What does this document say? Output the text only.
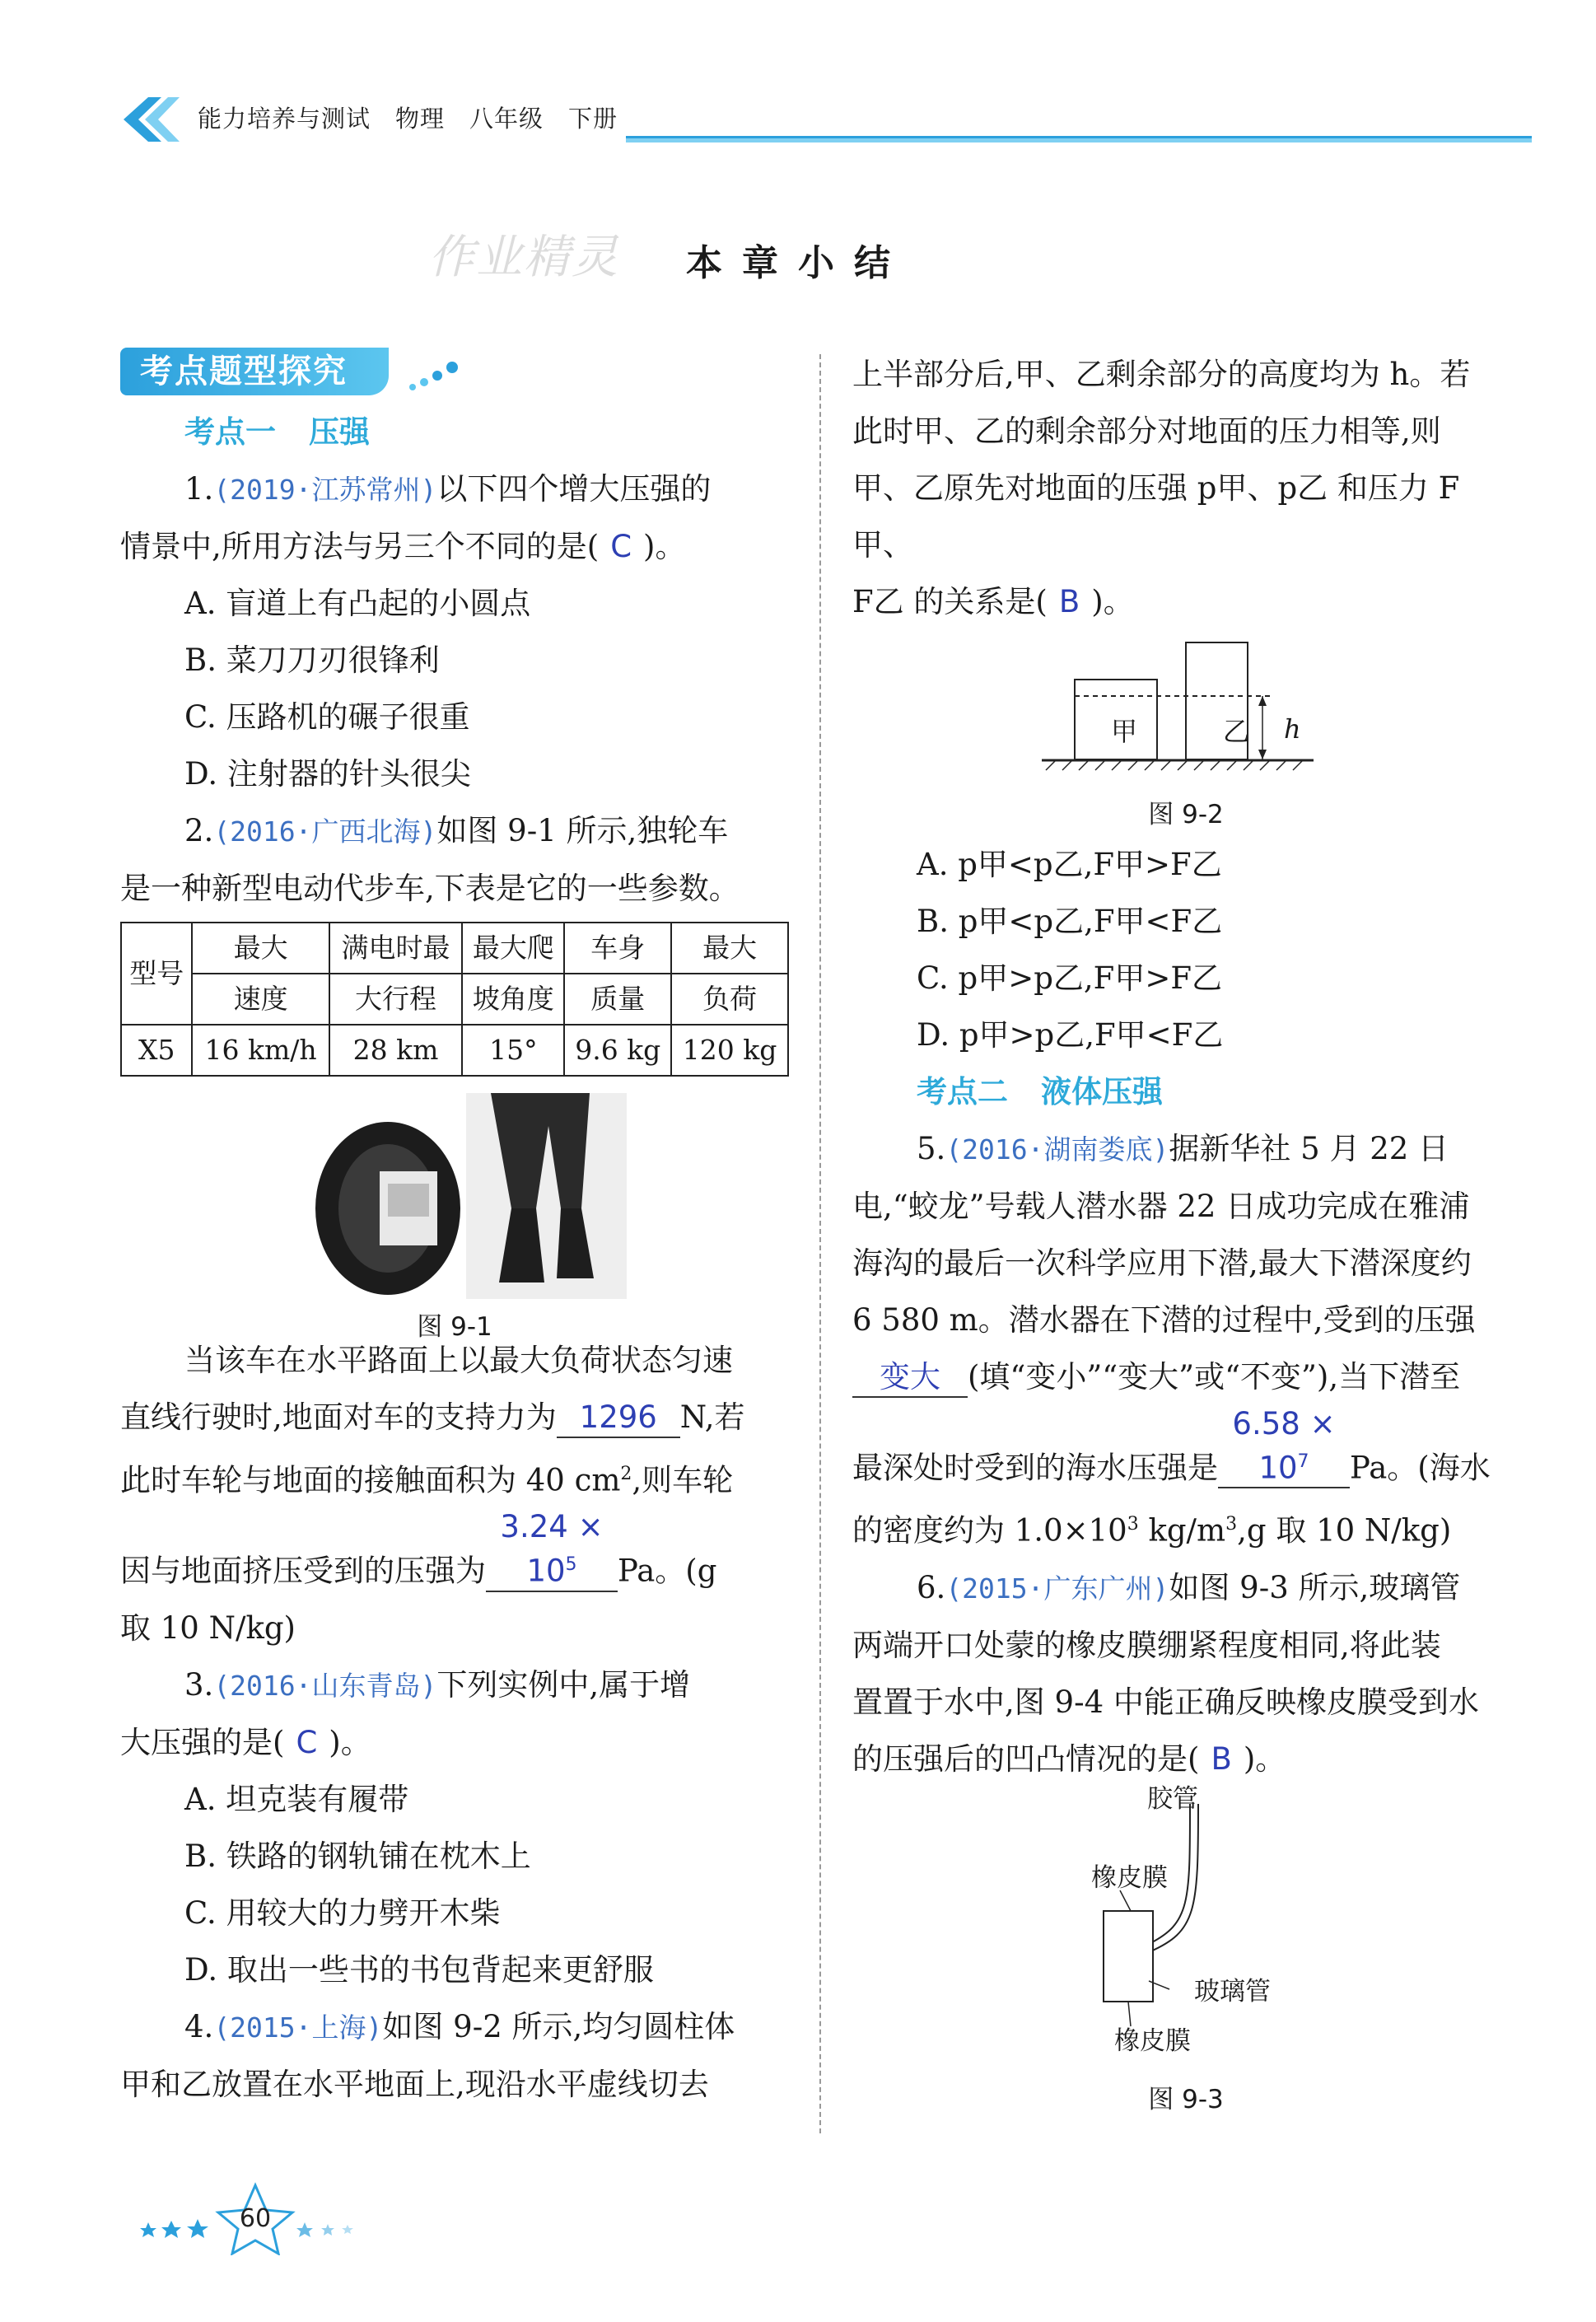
能力培养与测试 物理 八年级 下册
作业精灵	本章小结
考点题型探究
考点一 压强
1.(2019·江苏常州)以下四个增大压强的
情景中,所用方法与另三个不同的是( C )。
A. 盲道上有凸起的小圆点
B. 菜刀刀刃很锋利
C. 压路机的碾子很重
D. 注射器的针头很尖
2.(2016·广西北海)如图 9-1 所示,独轮车
是一种新型电动代步车,下表是它的一些参数。
型号	最大	满电时最	最大爬	车身	最大
	速度	大行程	坡角度	质量	负荷
X5	16 km/h	28 km	15°	9.6 kg	120 kg
图 9-1
当该车在水平路面上以最大负荷状态匀速
直线行驶时,地面对车的支持力为 1296 N,若
此时车轮与地面的接触面积为 40 $cm^2$,则车轮
因与地面挤压受到的压强为$3.24 \times 10^5$ Pa。(g
取 10 N/kg)
3.(2016·山东青岛)下列实例中,属于增
大压强的是( C )。
A. 坦克装有履带
B. 铁路的钢轨铺在枕木上
C. 用较大的力劈开木柴
D. 取出一些书的书包背起来更舒服
4.(2015·上海)如图 9-2 所示,均匀圆柱体
甲和乙放置在水平地面上,现沿水平虚线切去
上半部分后,甲、乙剩余部分的高度均为 h。若
此时甲、乙的剩余部分对地面的压力相等,则
甲、乙原先对地面的压强 p甲、p乙 和压力 F甲、
F乙 的关系是( B )。
甲	乙 h
图 9-2
A. p甲<p乙,F甲>F乙
B. p甲<p乙,F甲<F乙
C. p甲>p乙,F甲>F乙
D. p甲>p乙,F甲<F乙
考点二 液体压强
5.(2016·湖南娄底)据新华社 5 月 22 日
电,“蛟龙”号载人潜水器 22 日成功完成在雅浦
海沟的最后一次科学应用下潜,最大下潜深度约
6 580 m。潜水器在下潜的过程中,受到的压强
变大 (填“变小”“变大”或“不变”),当下潜至
最深处时受到的海水压强是$6.58 \times 10^7$ Pa。(海水
的密度约为 $1.0\times 10^3$ $kg/m^3,g$ 取 10 N/kg)
6.(2015·广东广州)如图 9-3 所示,玻璃管
两端开口处蒙的橡皮膜绷紧程度相同,将此装
置置于水中,图 9-4 中能正确反映橡皮膜受到水
的压强后的凹凸情况的是( B )。
胶管
橡皮膜
玻璃管
橡皮膜
图 9-3
60
